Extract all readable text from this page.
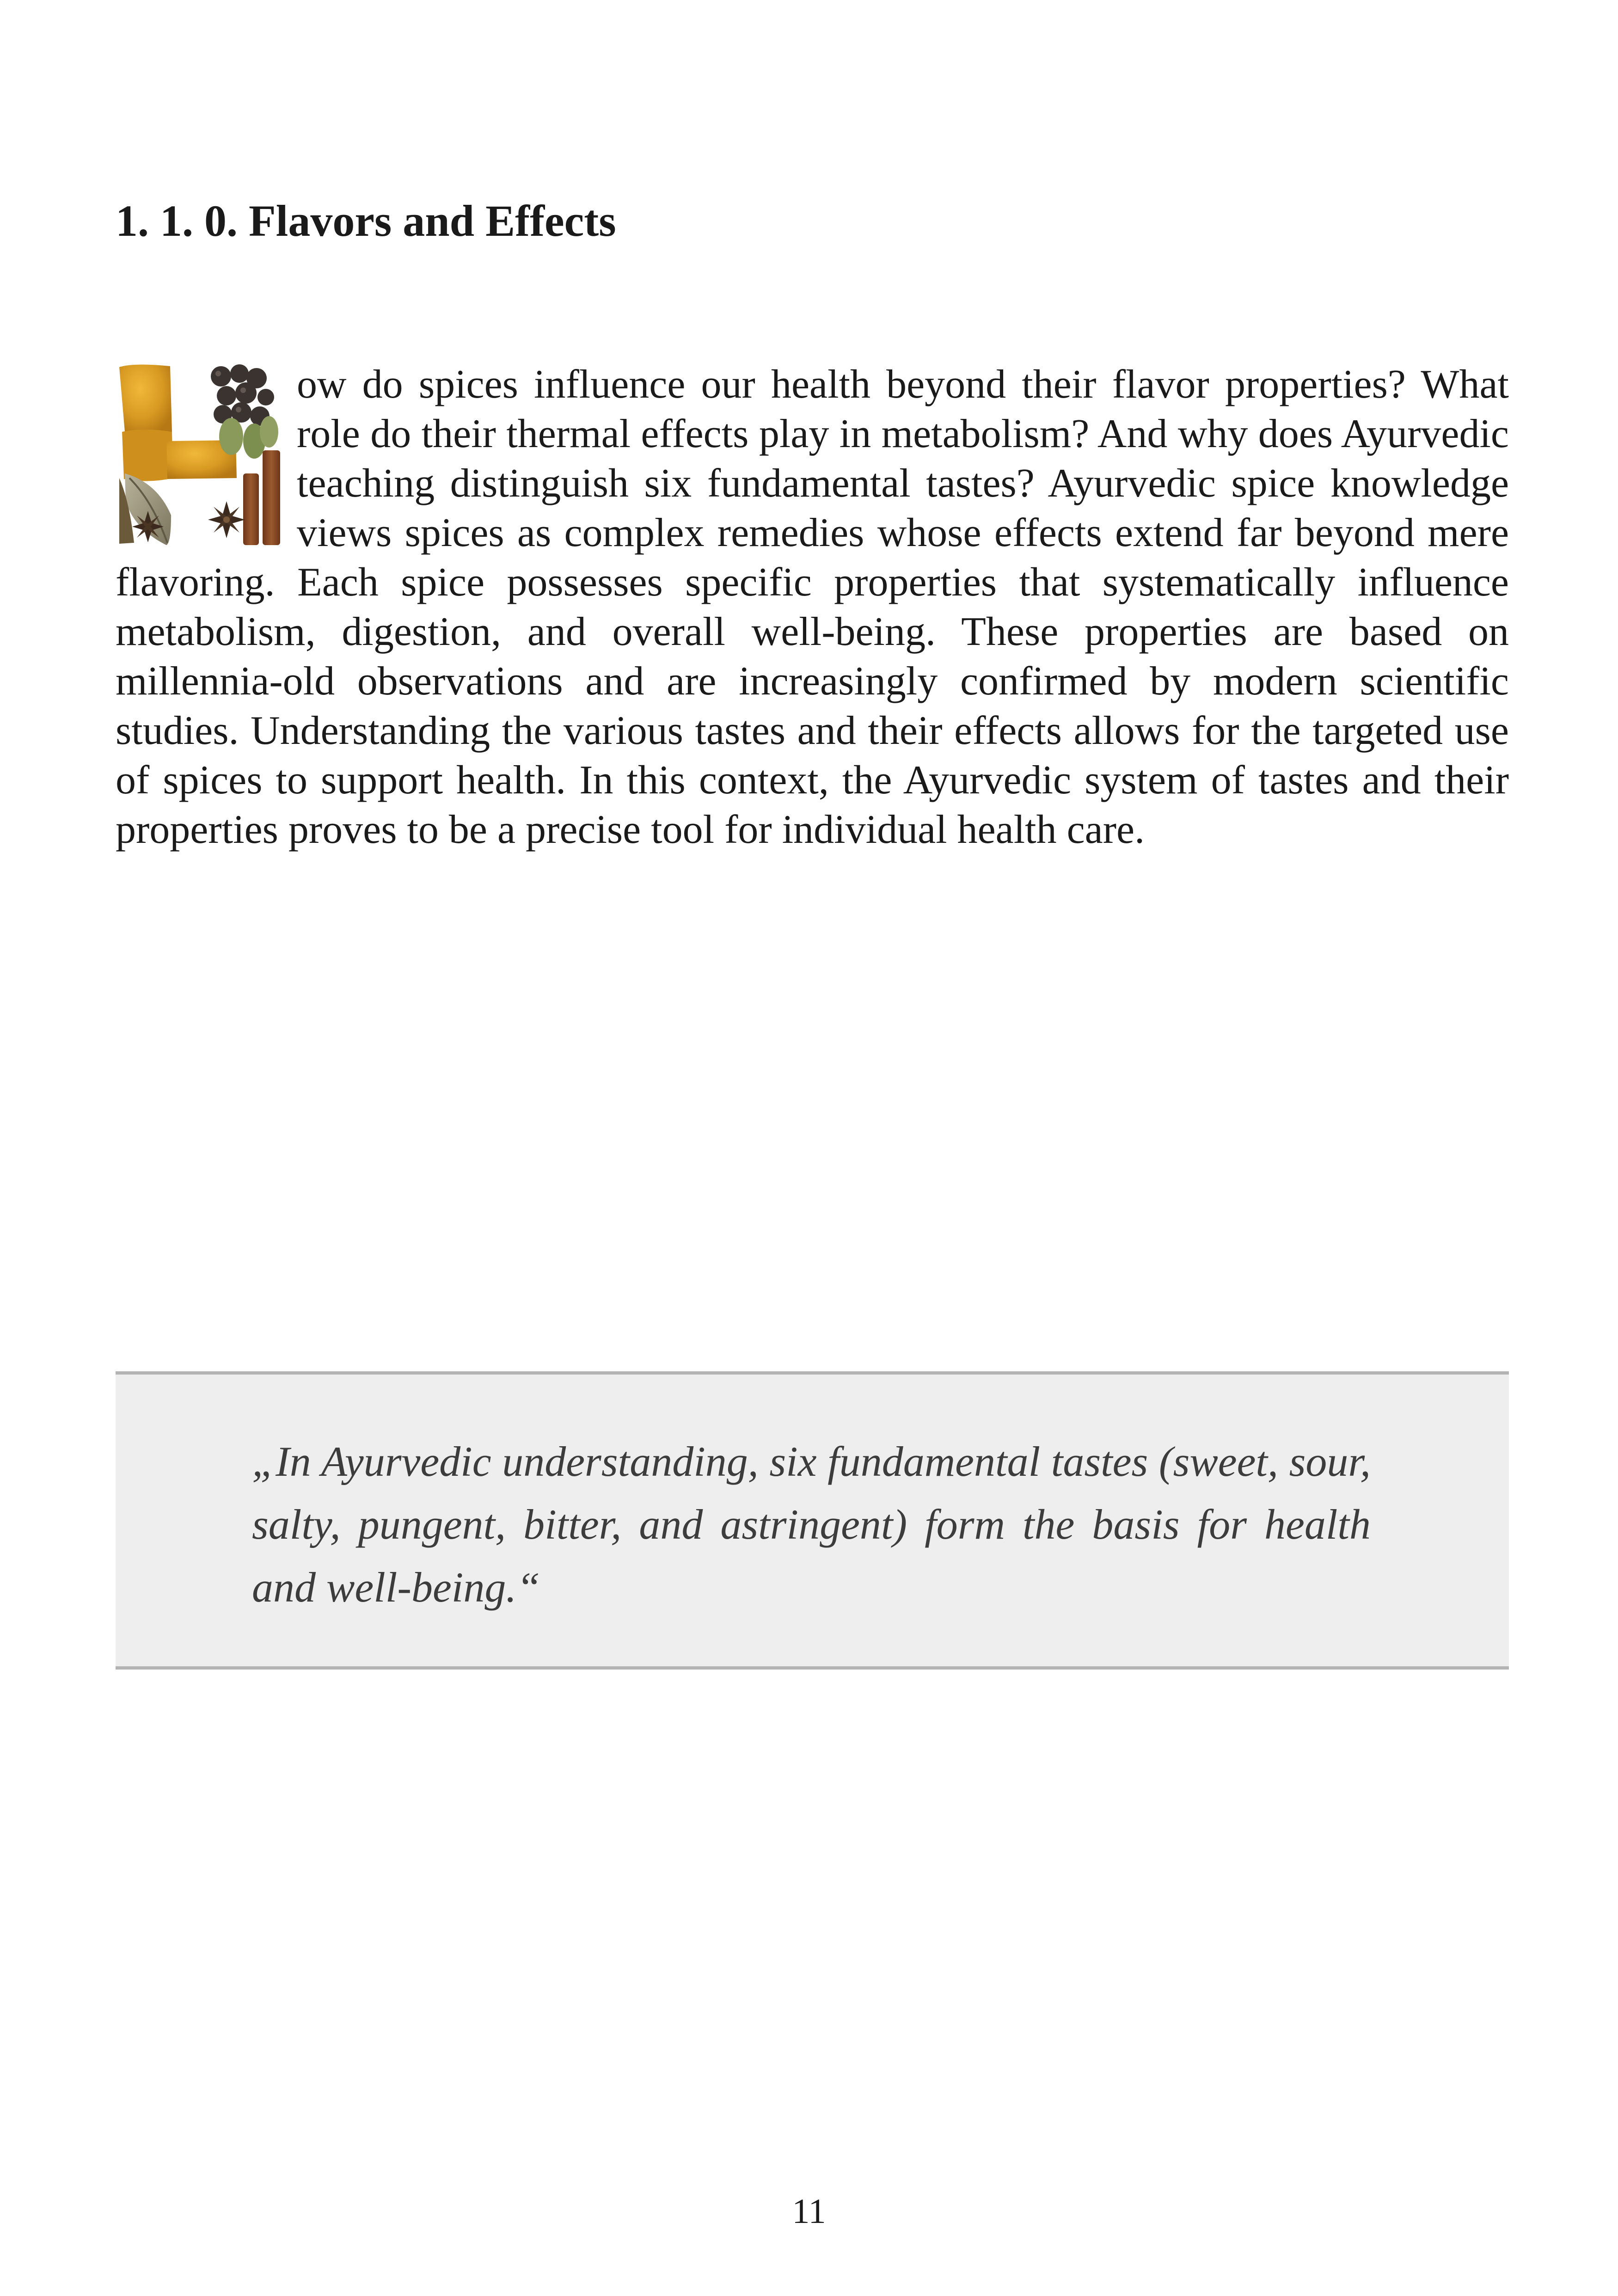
1. 1. 0. Flavors and Effects

ow do spices influence our health beyond their flavor properties? What role do their thermal effects play in metabolism? And why does Ayurvedic teaching distinguish six fundamental tastes? Ayurvedic spice knowledge views spices as complex remedies whose effects extend far beyond mere flavoring. Each spice possesses specific properties that systematically influence metabolism, digestion, and overall well-being. These properties are based on millennia-old observations and are increasingly confirmed by modern scientific studies. Understanding the various tastes and their effects allows for the targeted use of spices to support health. In this context, the Ayurvedic system of tastes and their properties proves to be a precise tool for individual health care.

„In Ayurvedic understanding, six fundamental tastes (sweet, sour, salty, pungent, bitter, and astringent) form the basis for health and well-being.“

11
